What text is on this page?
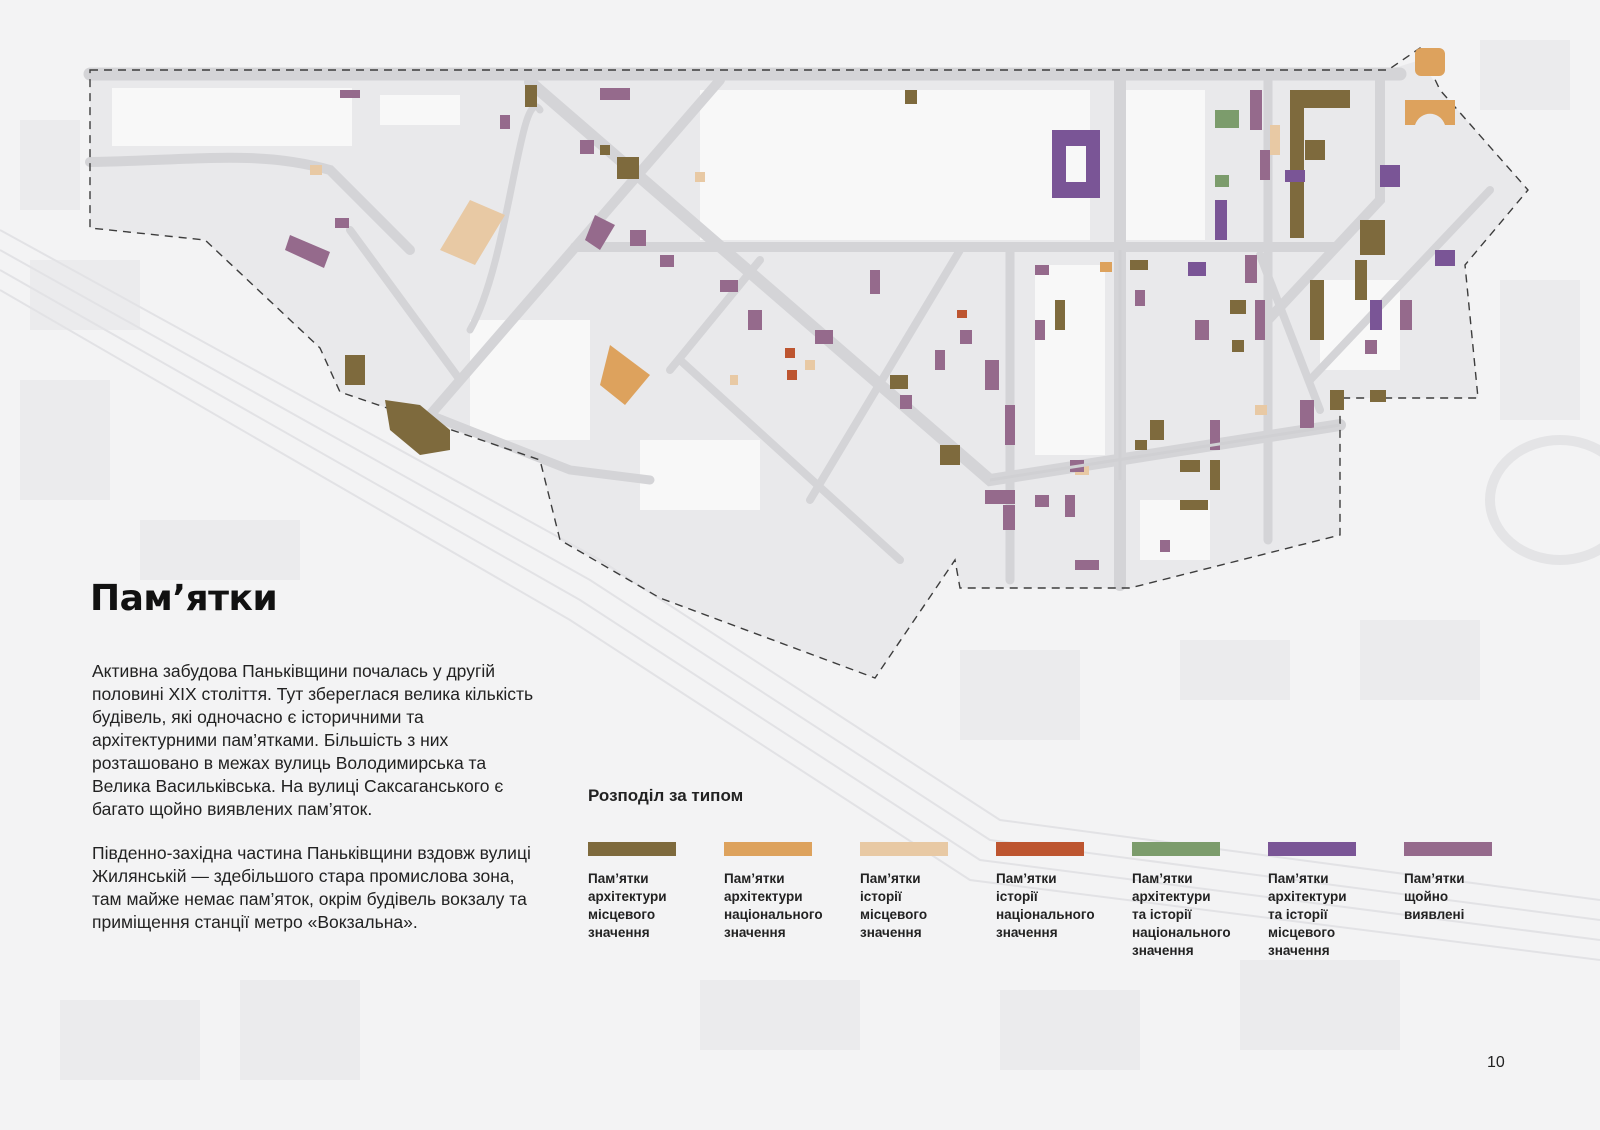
Пам’ятки

Активна забудова Паньківщини почалась у другій половині XIX століття. Тут збереглася велика кількість будівель, які одночасно є історичними та архітектурними пам’ятками. Більшість з них розташовано в межах вулиць Володимирська та Велика Васильківська. На вулиці Саксаганського є багато щойно виявлених пам’яток.

Південно-західна частина Паньківщини вздовж вулиці Жилянській — здебільшого стара промислова зона, там майже немає пам’яток, окрім будівель вокзалу та приміщення станції метро «Вокзальна».

Розподіл за типом
Пам’ятки
архітектури
місцевого
значення
Пам’ятки
архітектури
національного
значення
Пам’ятки
історії
місцевого
значення
Пам’ятки
історії
національного
значення
Пам’ятки
архітектури
та історії
національного
значення
Пам’ятки
архітектури
та історії
місцевого
значення
Пам’ятки
щойно
виявлені
10
